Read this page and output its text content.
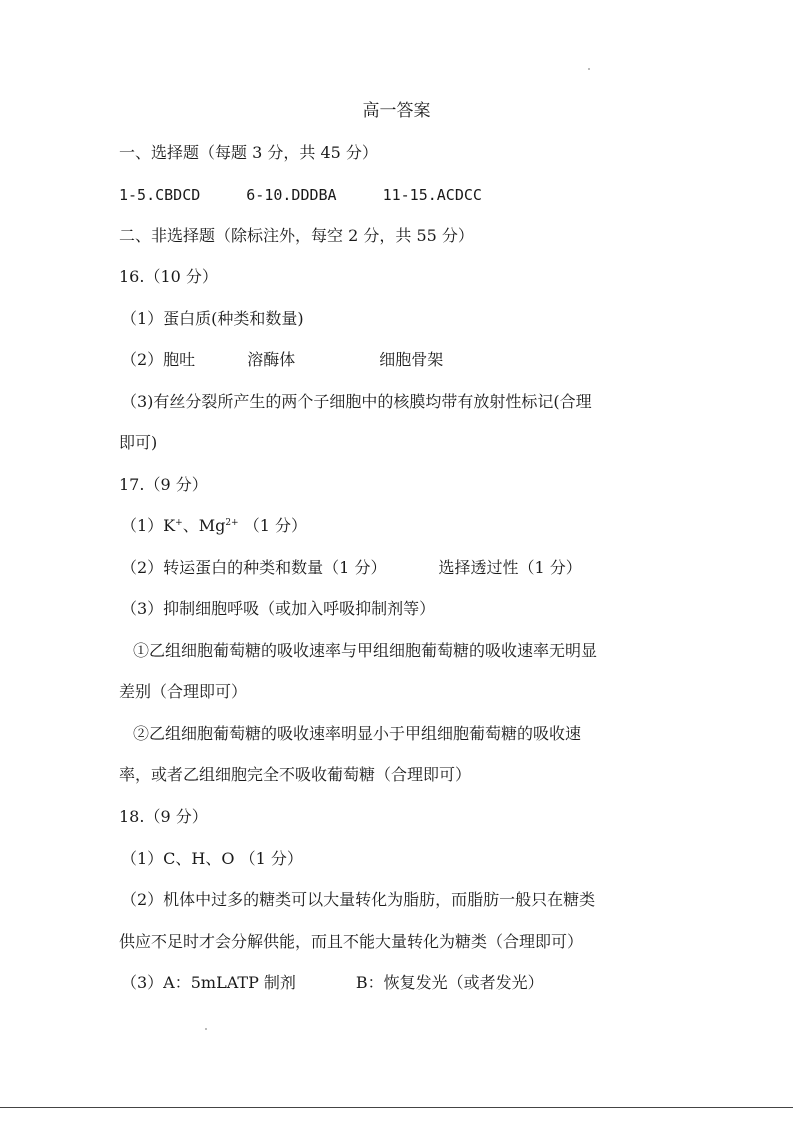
高一答案
一、选择题（每题 3 分，共 45 分）
1-5.CBDCD	6-10.DDDBA	11-15.ACDCC
二、非选择题（除标注外，每空 2 分，共 55 分）
16.（10 分）
（1）蛋白质(种类和数量)
（2）胞吐	溶酶体	细胞骨架
（3)有丝分裂所产生的两个子细胞中的核膜均带有放射性标记(合理
即可)
17.（9 分）
（1）K+、$Mg^{2+}$ （1 分）
（2）转运蛋白的种类和数量（1 分）	选择透过性（1 分）
（3）抑制细胞呼吸（或加入呼吸抑制剂等）
①乙组细胞葡萄糖的吸收速率与甲组细胞葡萄糖的吸收速率无明显
差别（合理即可）
②乙组细胞葡萄糖的吸收速率明显小于甲组细胞葡萄糖的吸收速
率，或者乙组细胞完全不吸收葡萄糖（合理即可）
18.（9 分）
（1）C、H、O （1 分）
（2）机体中过多的糖类可以大量转化为脂肪，而脂肪一般只在糖类
供应不足时才会分解供能，而且不能大量转化为糖类（合理即可）
（3）A：5mLATP 制剂	B：恢复发光（或者发光）
